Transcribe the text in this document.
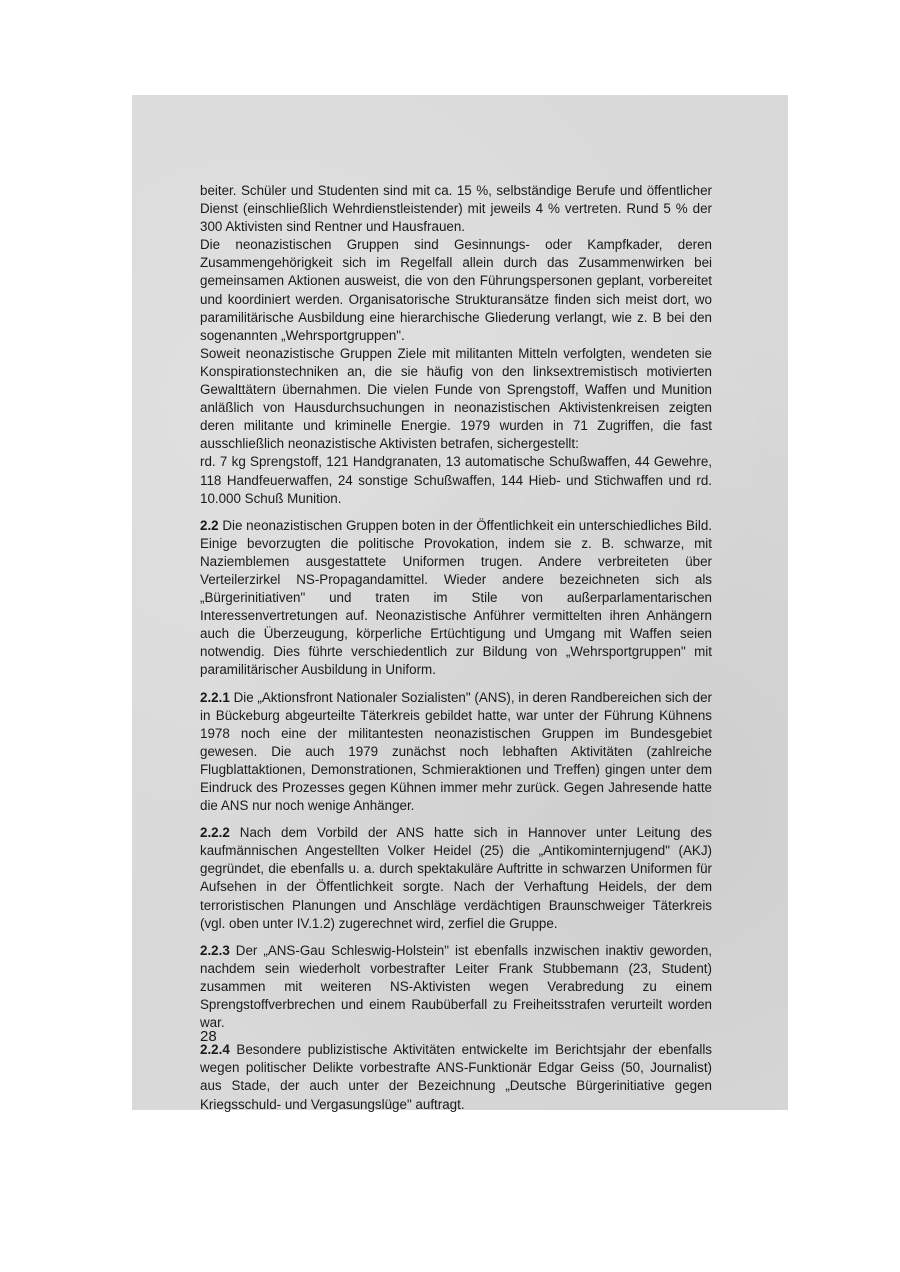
beiter. Schüler und Studenten sind mit ca. 15 %, selbständige Berufe und öffentlicher Dienst (einschließlich Wehrdienstleistender) mit jeweils 4 % vertreten. Rund 5 % der 300 Aktivisten sind Rentner und Hausfrauen.

Die neonazistischen Gruppen sind Gesinnungs- oder Kampfkader, deren Zusammengehörigkeit sich im Regelfall allein durch das Zusammenwirken bei gemeinsamen Aktionen ausweist, die von den Führungspersonen geplant, vorbereitet und koordiniert werden. Organisatorische Strukturansätze finden sich meist dort, wo paramilitärische Ausbildung eine hierarchische Gliederung verlangt, wie z. B bei den sogenannten „Wehrsportgruppen".

Soweit neonazistische Gruppen Ziele mit militanten Mitteln verfolgten, wendeten sie Konspirationstechniken an, die sie häufig von den linksextremistisch motivierten Gewalttätern übernahmen. Die vielen Funde von Sprengstoff, Waffen und Munition anläßlich von Hausdurchsuchungen in neonazistischen Aktivistenkreisen zeigten deren militante und kriminelle Energie. 1979 wurden in 71 Zugriffen, die fast ausschließlich neonazistische Aktivisten betrafen, sichergestellt:

rd. 7 kg Sprengstoff, 121 Handgranaten, 13 automatische Schußwaffen, 44 Gewehre, 118 Handfeuerwaffen, 24 sonstige Schußwaffen, 144 Hieb- und Stichwaffen und rd. 10.000 Schuß Munition.

2.2 Die neonazistischen Gruppen boten in der Öffentlichkeit ein unterschiedliches Bild. Einige bevorzugten die politische Provokation, indem sie z. B. schwarze, mit Naziemblemen ausgestattete Uniformen trugen. Andere verbreiteten über Verteilerzirkel NS-Propagandamittel. Wieder andere bezeichneten sich als „Bürgerinitiativen" und traten im Stile von außerparlamentarischen Interessenvertretungen auf. Neonazistische Anführer vermittelten ihren Anhängern auch die Überzeugung, körperliche Ertüchtigung und Umgang mit Waffen seien notwendig. Dies führte verschiedentlich zur Bildung von „Wehrsportgruppen" mit paramilitärischer Ausbildung in Uniform.

2.2.1 Die „Aktionsfront Nationaler Sozialisten" (ANS), in deren Randbereichen sich der in Bückeburg abgeurteilte Täterkreis gebildet hatte, war unter der Führung Kühnens 1978 noch eine der militantesten neonazistischen Gruppen im Bundesgebiet gewesen. Die auch 1979 zunächst noch lebhaften Aktivitäten (zahlreiche Flugblattaktionen, Demonstrationen, Schmieraktionen und Treffen) gingen unter dem Eindruck des Prozesses gegen Kühnen immer mehr zurück. Gegen Jahresende hatte die ANS nur noch wenige Anhänger.

2.2.2 Nach dem Vorbild der ANS hatte sich in Hannover unter Leitung des kaufmännischen Angestellten Volker Heidel (25) die „Antikominternjugend" (AKJ) gegründet, die ebenfalls u. a. durch spektakuläre Auftritte in schwarzen Uniformen für Aufsehen in der Öffentlichkeit sorgte. Nach der Verhaftung Heidels, der dem terroristischen Planungen und Anschläge verdächtigen Braunschweiger Täterkreis (vgl. oben unter IV.1.2) zugerechnet wird, zerfiel die Gruppe.

2.2.3 Der „ANS-Gau Schleswig-Holstein" ist ebenfalls inzwischen inaktiv geworden, nachdem sein wiederholt vorbestrafter Leiter Frank Stubbemann (23, Student) zusammen mit weiteren NS-Aktivisten wegen Verabredung zu einem Sprengstoffverbrechen und einem Raubüberfall zu Freiheitsstrafen verurteilt worden war.

2.2.4 Besondere publizistische Aktivitäten entwickelte im Berichtsjahr der ebenfalls wegen politischer Delikte vorbestrafte ANS-Funktionär Edgar Geiss (50, Journalist) aus Stade, der auch unter der Bezeichnung „Deutsche Bürgerinitiative gegen Kriegsschuld- und Vergasungslüge" auftragt.

28
